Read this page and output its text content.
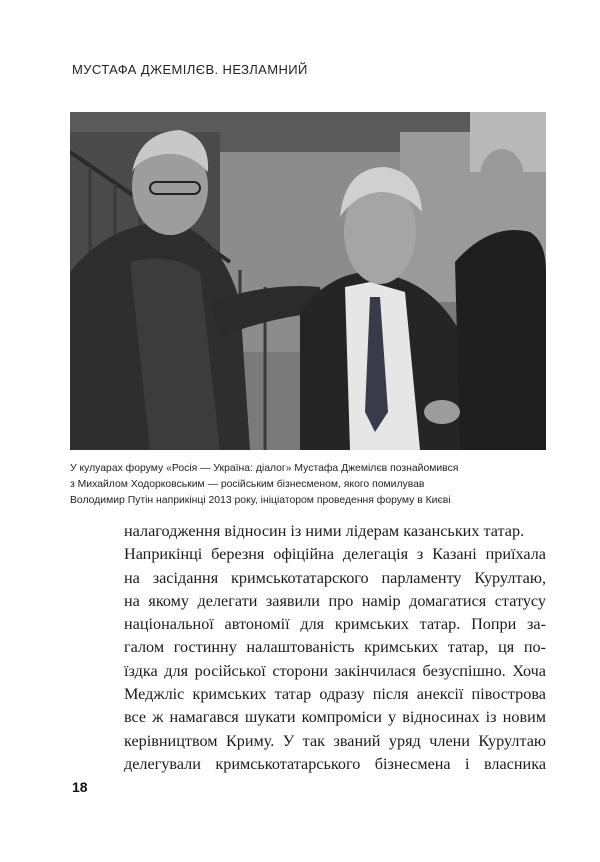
МУСТАФА ДЖЕМІЛЄВ. НЕЗЛАМНИЙ
У кулуарах форуму «Росія — Україна: діалог» Мустафа Джемілєв познайомився
з Михайлом Ходорковським — російським бізнесменом, якого помилував
Володимир Путін наприкінці 2013 року, ініціатором проведення форуму в Києві
налагодження відносин із ними лідерам казанських татар.
Наприкінці березня офіційна делегація з Казані приїхала
на засідання кримськотатарского парламенту Курултаю,
на якому делегати заявили про намір домагатися статусу
національної автономії для кримських татар. Попри за-
галом гостинну налаштованість кримських татар, ця по-
їздка для російської сторони закінчилася безуспішно. Хоча
Меджліс кримських татар одразу після анексії півострова
все ж намагався шукати компроміси у відносинах із новим
керівництвом Криму. У так званий уряд члени Курултаю
делегували кримськотатарського бізнесмена і власника
18
